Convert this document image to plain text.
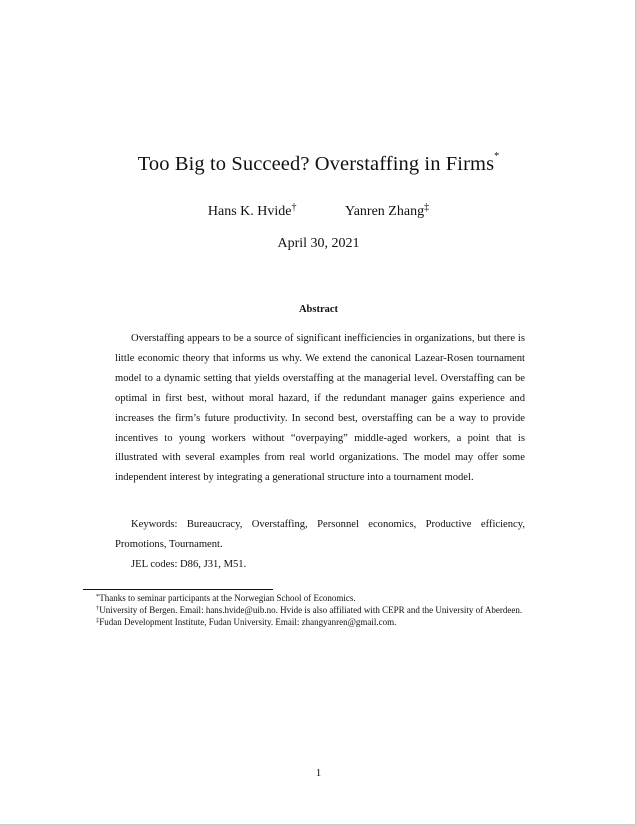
Too Big to Succeed? Overstaffing in Firms*
Hans K. Hvide†	Yanren Zhang‡
April 30, 2021
Abstract
Overstaffing appears to be a source of significant inefficiencies in organizations, but there is little economic theory that informs us why. We extend the canonical Lazear-Rosen tournament model to a dynamic setting that yields overstaffing at the managerial level. Overstaffing can be optimal in first best, without moral hazard, if the redundant manager gains experience and increases the firm’s future productivity. In second best, overstaffing can be a way to provide incentives to young workers without “overpaying” middle-aged workers, a point that is illustrated with several examples from real world organizations. The model may offer some independent interest by integrating a generational structure into a tournament model.
Keywords: Bureaucracy, Overstaffing, Personnel economics, Productive efficiency, Promotions, Tournament.
JEL codes: D86, J31, M51.
*Thanks to seminar participants at the Norwegian School of Economics.
†University of Bergen. Email: hans.hvide@uib.no. Hvide is also affiliated with CEPR and the University of Aberdeen.
‡Fudan Development Institute, Fudan University. Email: zhangyanren@gmail.com.
1
